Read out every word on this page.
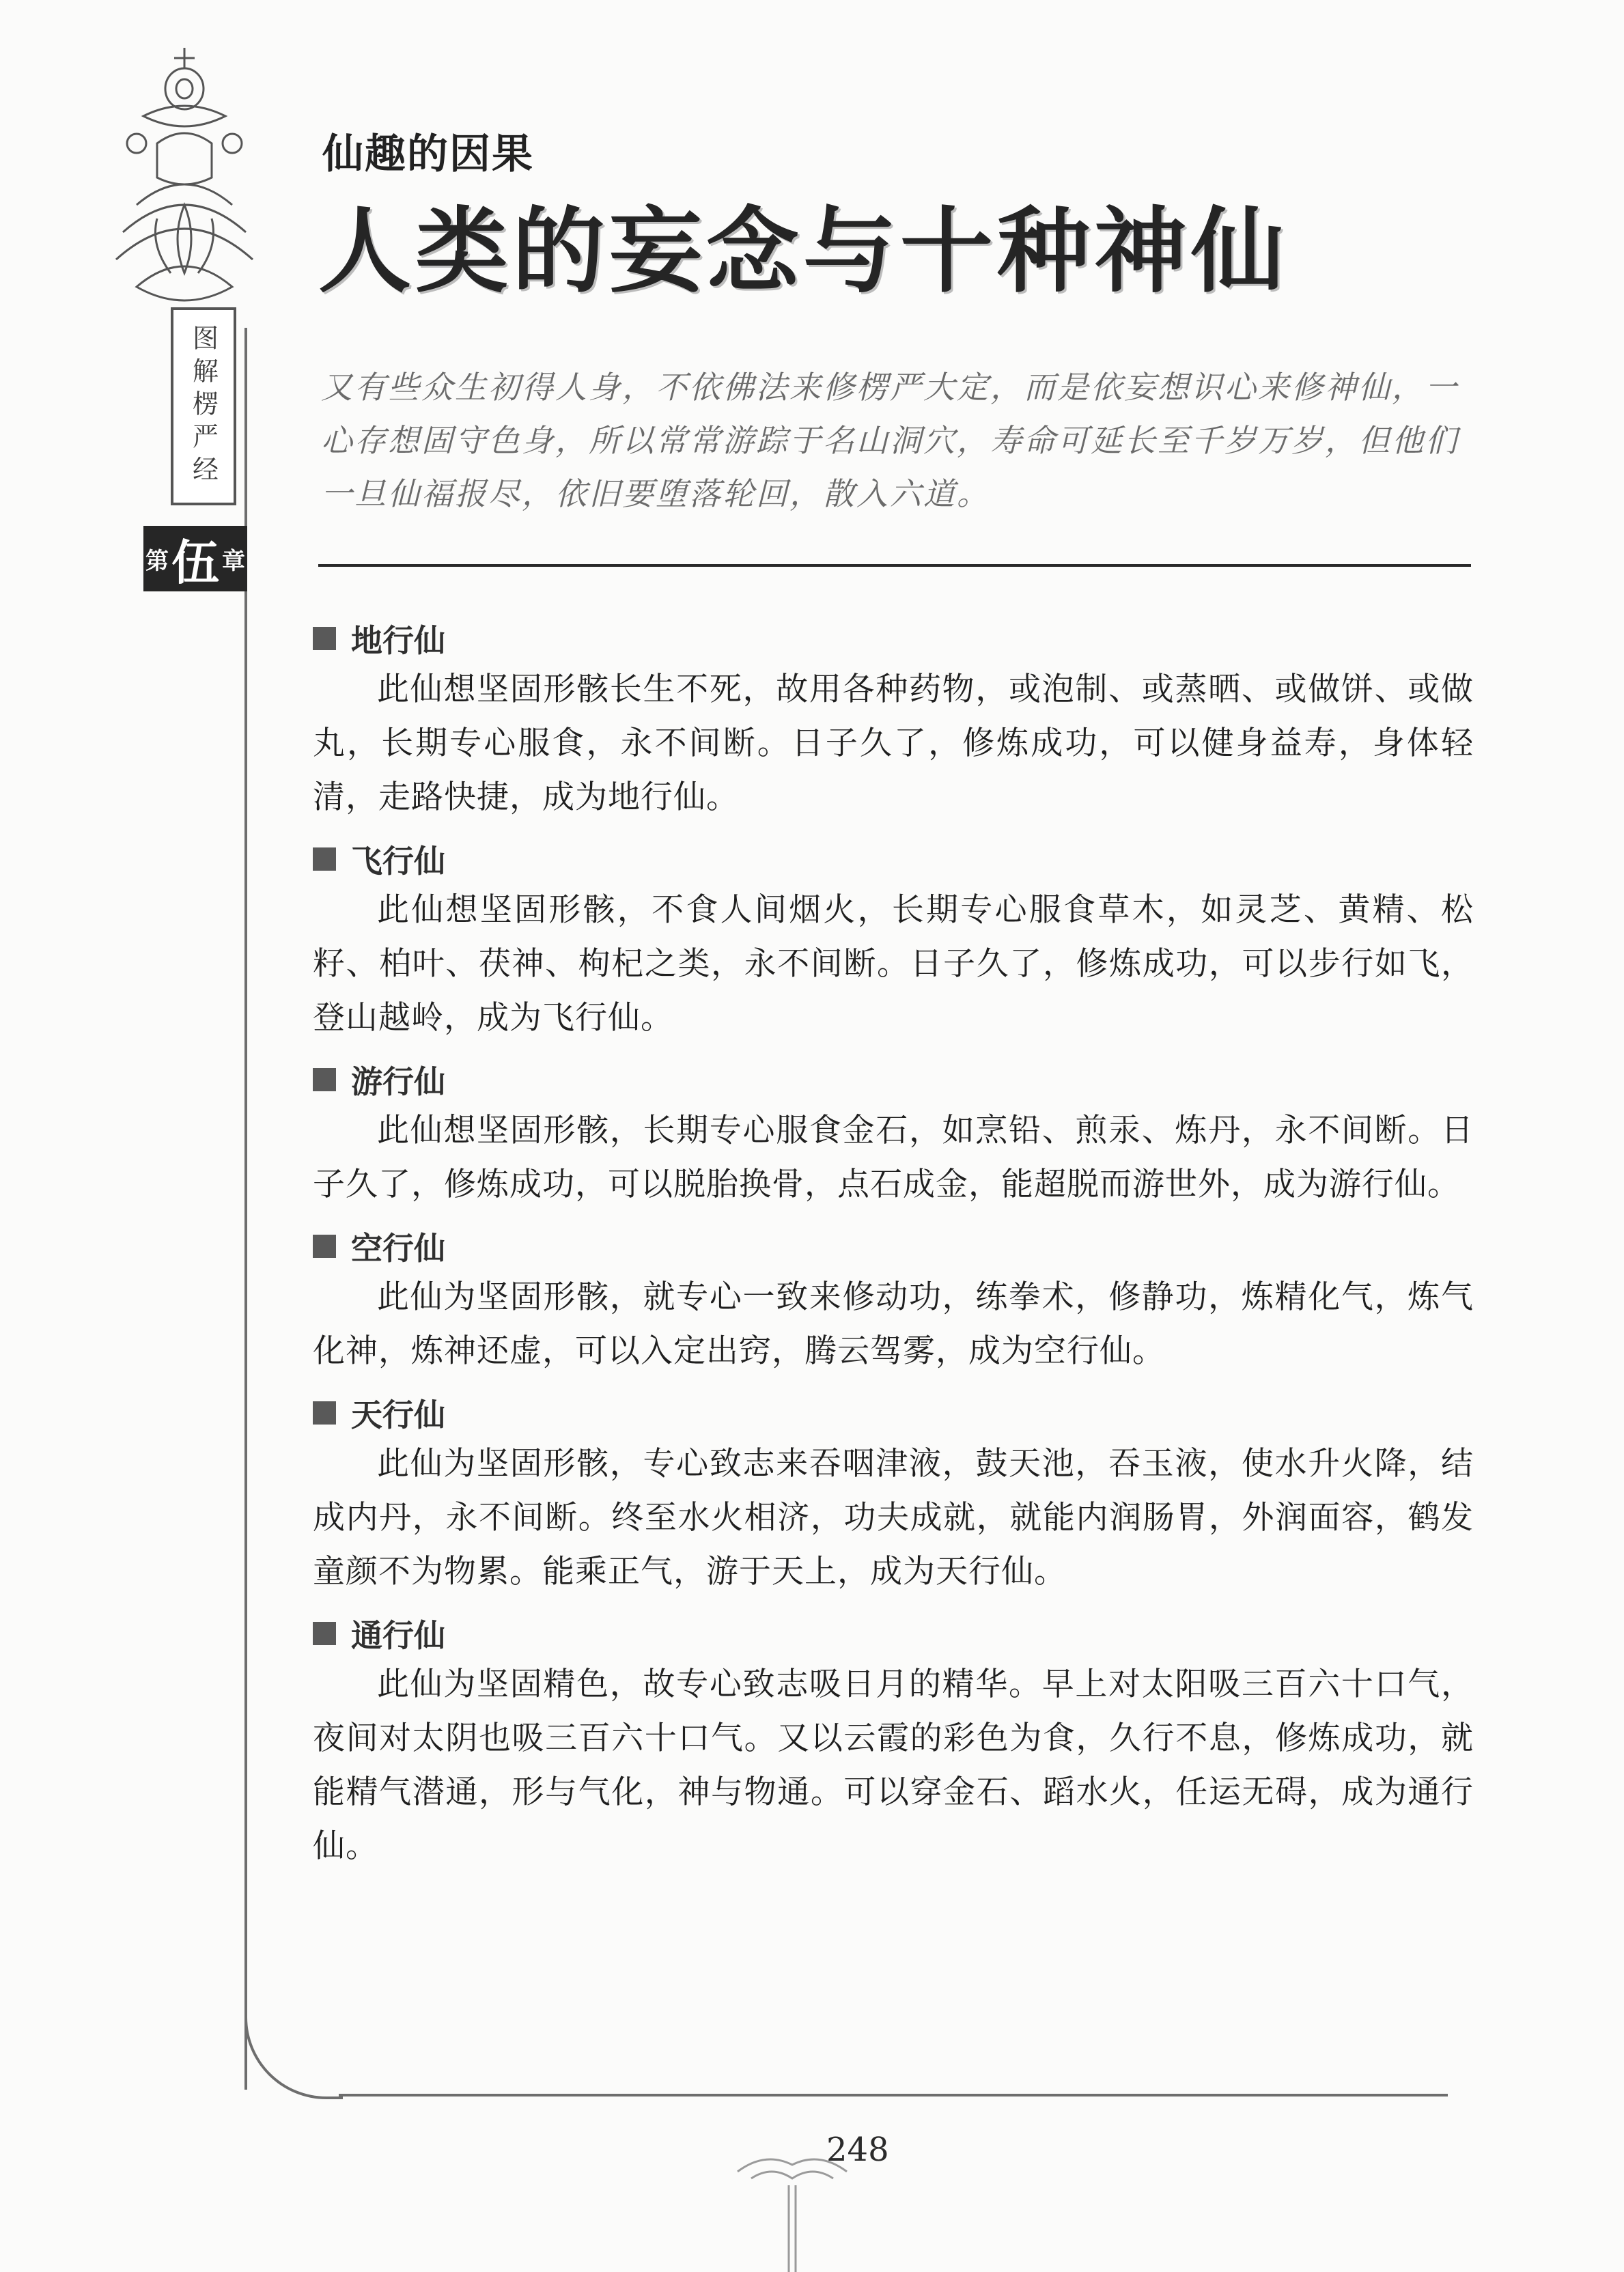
图解楞严经
第 伍 章
仙趣的因果
人类的妄念与十种神仙
又有些众生初得人身，不依佛法来修楞严大定，而是依妄想识心来修神仙，一心存想固守色身，所以常常游踪于名山洞穴，寿命可延长至千岁万岁，但他们一旦仙福报尽，依旧要堕落轮回，散入六道。
地行仙
此仙想坚固形骸长生不死，故用各种药物，或泡制、或蒸晒、或做饼、或做丸，长期专心服食，永不间断。日子久了，修炼成功，可以健身益寿，身体轻清，走路快捷，成为地行仙。
飞行仙
此仙想坚固形骸，不食人间烟火，长期专心服食草木，如灵芝、黄精、松籽、柏叶、茯神、枸杞之类，永不间断。日子久了，修炼成功，可以步行如飞，登山越岭，成为飞行仙。
游行仙
此仙想坚固形骸，长期专心服食金石，如烹铅、煎汞、炼丹，永不间断。日子久了，修炼成功，可以脱胎换骨，点石成金，能超脱而游世外，成为游行仙。
空行仙
此仙为坚固形骸，就专心一致来修动功，练拳术，修静功，炼精化气，炼气化神，炼神还虚，可以入定出窍，腾云驾雾，成为空行仙。
天行仙
此仙为坚固形骸，专心致志来吞咽津液，鼓天池，吞玉液，使水升火降，结成内丹，永不间断。终至水火相济，功夫成就，就能内润肠胃，外润面容，鹤发童颜不为物累。能乘正气，游于天上，成为天行仙。
通行仙
此仙为坚固精色，故专心致志吸日月的精华。早上对太阳吸三百六十口气，夜间对太阴也吸三百六十口气。又以云霞的彩色为食，久行不息，修炼成功，就能精气潜通，形与气化，神与物通。可以穿金石、蹈水火，任运无碍，成为通行仙。
248
